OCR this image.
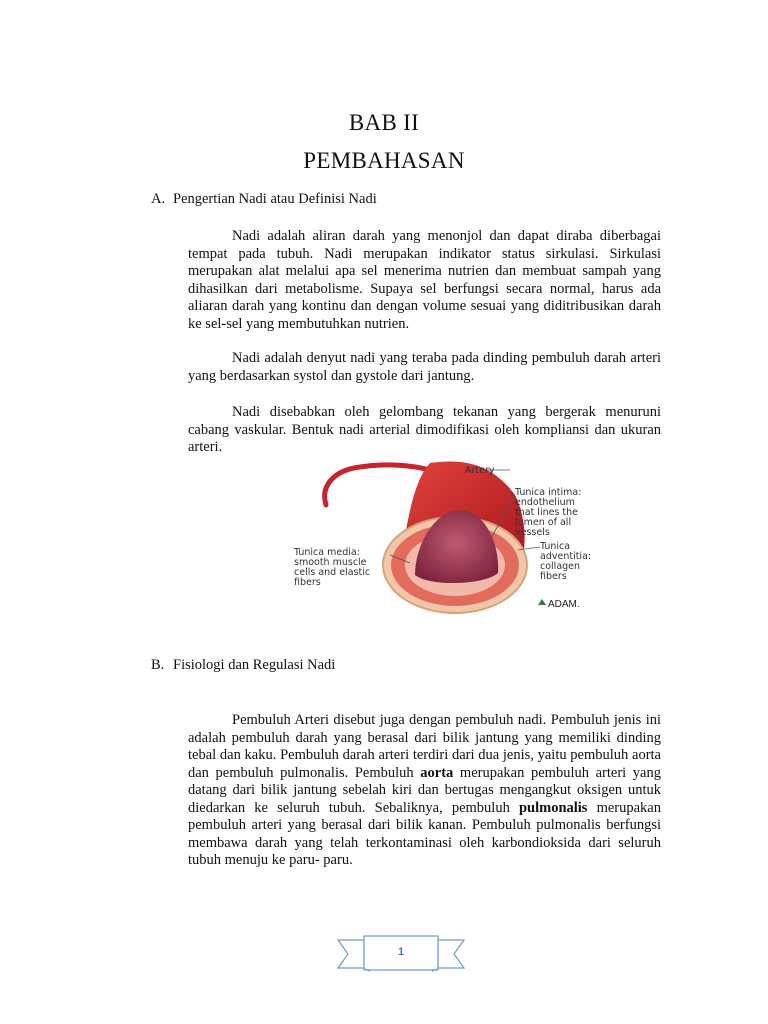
BAB II
PEMBAHASAN
A. Pengertian Nadi atau Definisi Nadi
Nadi adalah aliran darah yang menonjol dan dapat diraba diberbagai tempat pada tubuh. Nadi merupakan indikator status sirkulasi. Sirkulasi merupakan alat melalui apa sel menerima nutrien dan membuat sampah yang dihasilkan dari metabolisme. Supaya sel berfungsi secara normal, harus ada aliaran darah yang kontinu dan dengan volume sesuai yang diditribusikan darah ke sel-sel yang membutuhkan nutrien.
Nadi adalah denyut nadi yang teraba pada dinding pembuluh darah arteri yang berdasarkan systol dan gystole dari jantung.
Nadi disebabkan oleh gelombang tekanan yang bergerak menuruni cabang vaskular. Bentuk nadi arterial dimodifikasi oleh kompliansi dan ukuran arteri.
Artery
Tunica intima:
endothelium
that lines the
lumen of all
vessels
Tunica media:
smooth muscle
cells and elastic
fibers
Tunica
adventitia:
collagen
fibers
ADAM.
B. Fisiologi dan Regulasi Nadi
Pembuluh Arteri disebut juga dengan pembuluh nadi. Pembuluh jenis ini adalah pembuluh darah yang berasal dari bilik jantung yang memiliki dinding tebal dan kaku. Pembuluh darah arteri terdiri dari dua jenis, yaitu pembuluh aorta dan pembuluh pulmonalis. Pembuluh aorta merupakan pembuluh arteri yang datang dari bilik jantung sebelah kiri dan bertugas mengangkut oksigen untuk diedarkan ke seluruh tubuh. Sebaliknya, pembuluh pulmonalis merupakan pembuluh arteri yang berasal dari bilik kanan. Pembuluh pulmonalis berfungsi membawa darah yang telah terkontaminasi oleh karbondioksida dari seluruh tubuh menuju ke paru- paru.
1
